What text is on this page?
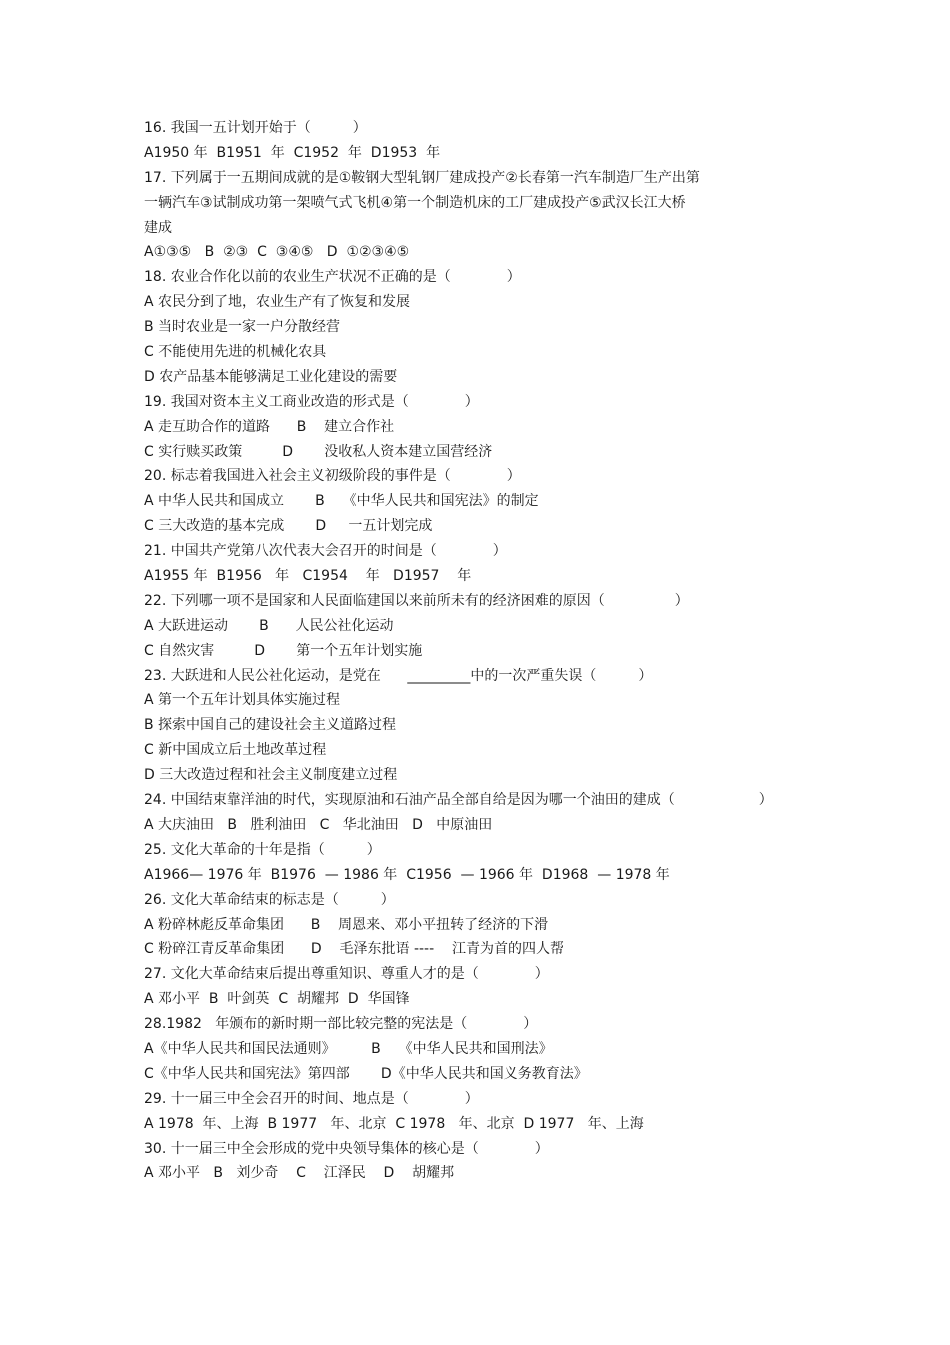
16. 我国一五计划开始于（　　　）
A1950 年  B1951  年  C1952  年  D1953  年
17. 下列属于一五期间成就的是①鞍钢大型轧钢厂建成投产②长春第一汽车制造厂生产出第
一辆汽车③试制成功第一架喷气式飞机④第一个制造机床的工厂建成投产⑤武汉长江大桥
建成
A①③⑤   B  ②③  C  ③④⑤   D  ①②③④⑤
18. 农业合作化以前的农业生产状况不正确的是（　　　　）
A 农民分到了地，农业生产有了恢复和发展
B 当时农业是一家一户分散经营
C 不能使用先进的机械化农具
D 农产品基本能够满足工业化建设的需要
19. 我国对资本主义工商业改造的形式是（　　　　）
A 走互助合作的道路      B    建立合作社
C 实行赎买政策         D       没收私人资本建立国营经济
20. 标志着我国进入社会主义初级阶段的事件是（　　　　）
A 中华人民共和国成立       B    《中华人民共和国宪法》的制定
C 三大改造的基本完成       D     一五计划完成
21. 中国共产党第八次代表大会召开的时间是（　　　　）
A1955 年  B1956   年   C1954    年   D1957    年
22. 下列哪一项不是国家和人民面临建国以来前所未有的经济困难的原因（　　　　　）
A 大跃进运动       B      人民公社化运动
C 自然灾害         D       第一个五年计划实施
23. 大跃进和人民公社化运动，是党在      _________中的一次严重失误（　　　）
A 第一个五年计划具体实施过程
B 探索中国自己的建设社会主义道路过程
C 新中国成立后土地改革过程
D 三大改造过程和社会主义制度建立过程
24. 中国结束靠洋油的时代，实现原油和石油产品全部自给是因为哪一个油田的建成（　　　　　　）
A 大庆油田   B   胜利油田   C   华北油田   D   中原油田
25. 文化大革命的十年是指（　　　）
A1966— 1976 年  B1976  — 1986 年  C1956  — 1966 年  D1968  — 1978 年
26. 文化大革命结束的标志是（　　　）
A 粉碎林彪反革命集团      B    周恩来、邓小平扭转了经济的下滑
C 粉碎江青反革命集团      D    毛泽东批语 ----    江青为首的四人帮
27. 文化大革命结束后提出尊重知识、尊重人才的是（　　　　）
A 邓小平  B  叶剑英  C  胡耀邦  D  华国锋
28.1982   年颁布的新时期一部比较完整的宪法是（　　　　）
A《中华人民共和国民法通则》        B    《中华人民共和国刑法》
C《中华人民共和国宪法》第四部       D《中华人民共和国义务教育法》
29. 十一届三中全会召开的时间、地点是（　　　　）
A 1978  年、上海  B 1977   年、北京  C 1978   年、北京  D 1977   年、上海
30. 十一届三中全会形成的党中央领导集体的核心是（　　　　）
A 邓小平   B   刘少奇    C    江泽民    D    胡耀邦
